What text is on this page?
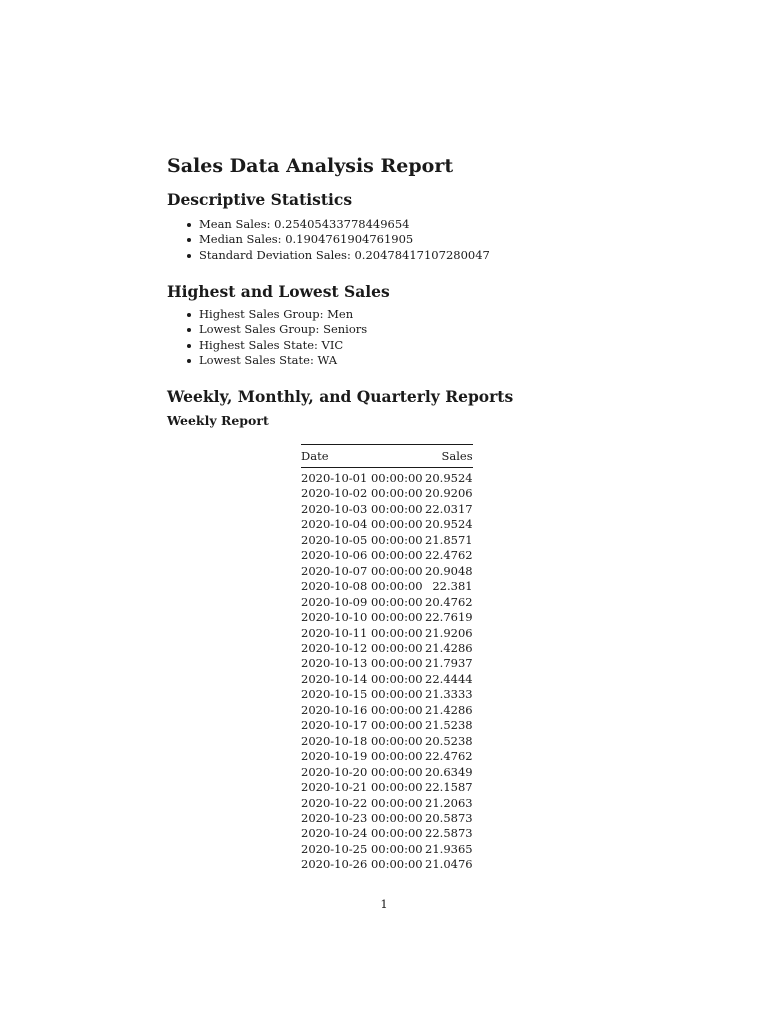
Sales Data Analysis Report
Descriptive Statistics
Mean Sales: 0.25405433778449654
Median Sales: 0.1904761904761905
Standard Deviation Sales: 0.20478417107280047
Highest and Lowest Sales
Highest Sales Group: Men
Lowest Sales Group: Seniors
Highest Sales State: VIC
Lowest Sales State: WA
Weekly, Monthly, and Quarterly Reports
Weekly Report
Date	Sales
2020-10-01 00:00:00	20.9524
2020-10-02 00:00:00	20.9206
2020-10-03 00:00:00	22.0317
2020-10-04 00:00:00	20.9524
2020-10-05 00:00:00	21.8571
2020-10-06 00:00:00	22.4762
2020-10-07 00:00:00	20.9048
2020-10-08 00:00:00	22.381
2020-10-09 00:00:00	20.4762
2020-10-10 00:00:00	22.7619
2020-10-11 00:00:00	21.9206
2020-10-12 00:00:00	21.4286
2020-10-13 00:00:00	21.7937
2020-10-14 00:00:00	22.4444
2020-10-15 00:00:00	21.3333
2020-10-16 00:00:00	21.4286
2020-10-17 00:00:00	21.5238
2020-10-18 00:00:00	20.5238
2020-10-19 00:00:00	22.4762
2020-10-20 00:00:00	20.6349
2020-10-21 00:00:00	22.1587
2020-10-22 00:00:00	21.2063
2020-10-23 00:00:00	20.5873
2020-10-24 00:00:00	22.5873
2020-10-25 00:00:00	21.9365
2020-10-26 00:00:00	21.0476
1
